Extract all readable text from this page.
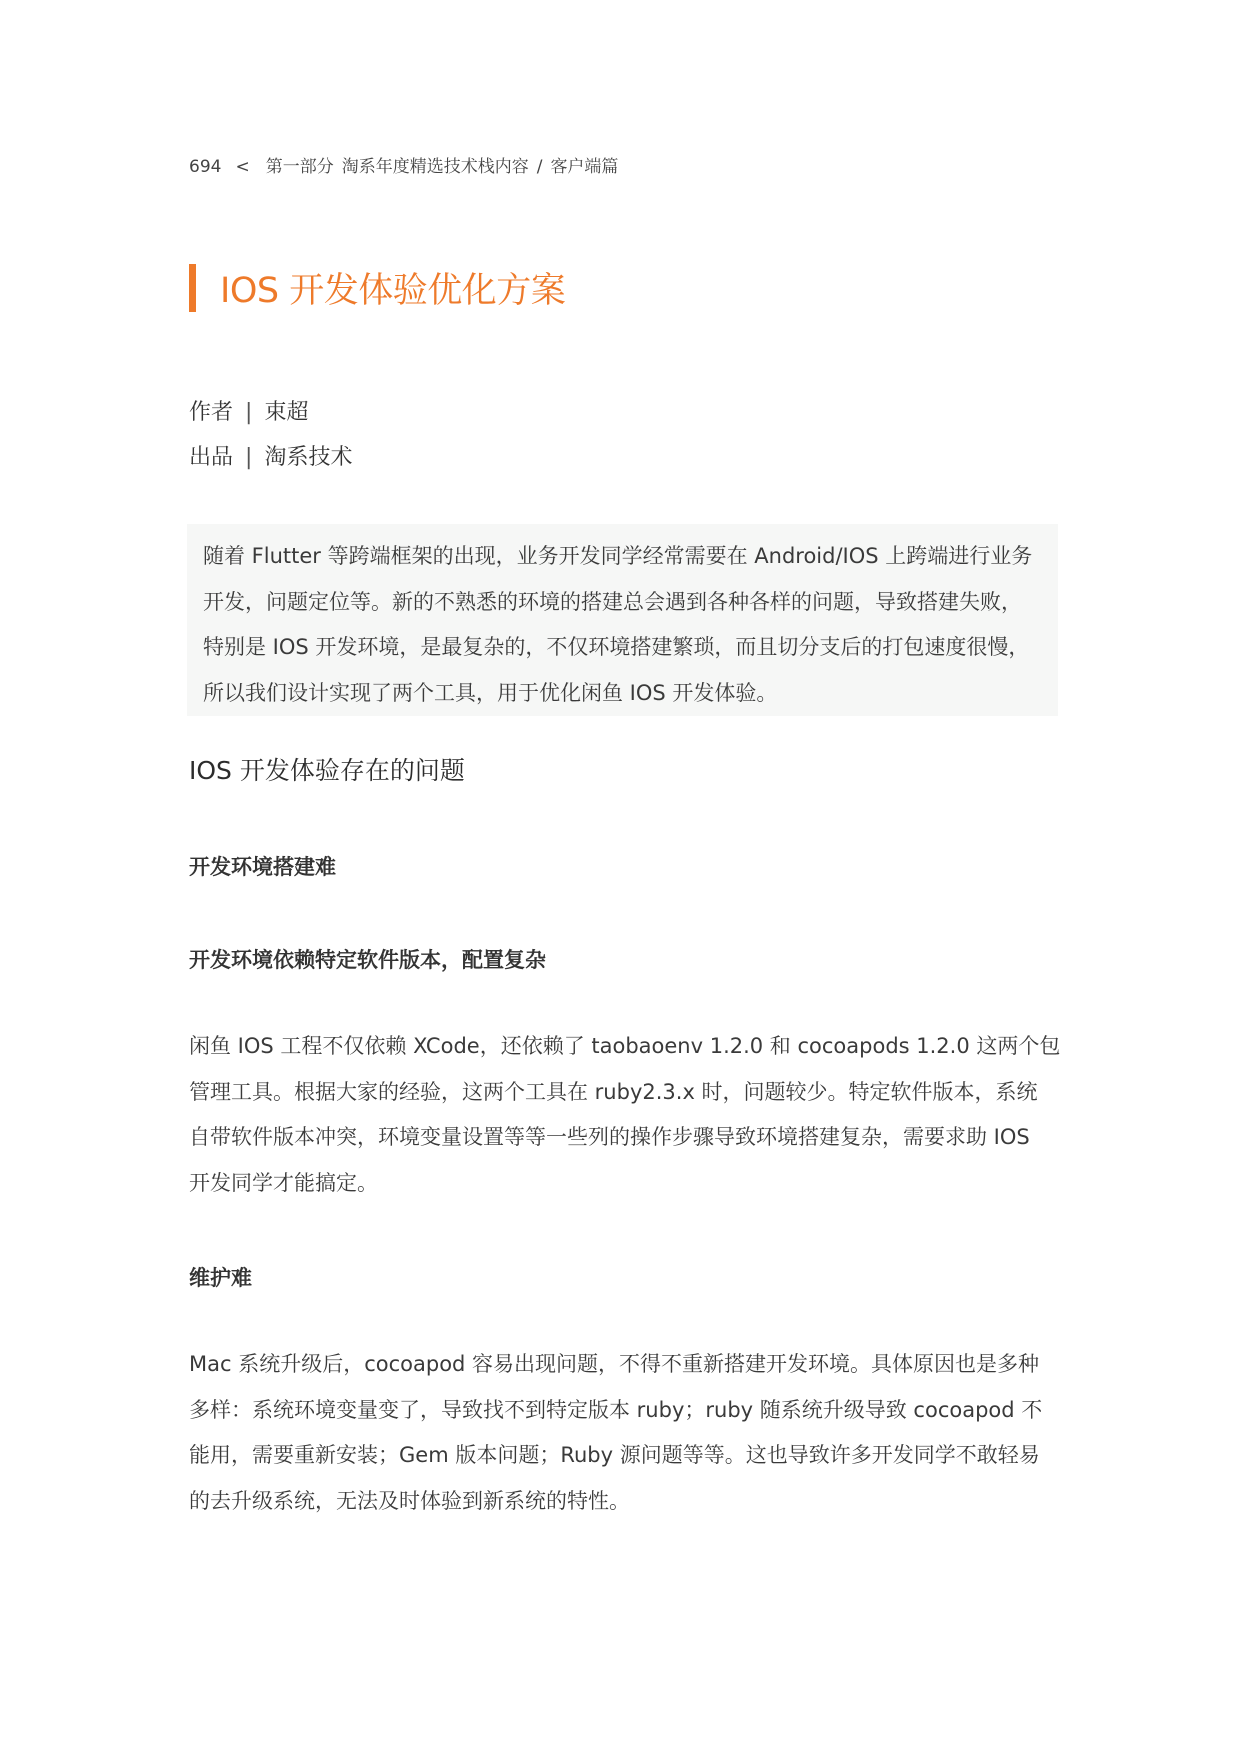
694 < 第一部分 淘系年度精选技术栈内容 / 客户端篇
IOS 开发体验优化方案
作者 | 束超
出品 | 淘系技术

随着 Flutter 等跨端框架的出现，业务开发同学经常需要在 Android/IOS 上跨端进行业务

开发，问题定位等。新的不熟悉的环境的搭建总会遇到各种各样的问题，导致搭建失败，

特别是 IOS 开发环境，是最复杂的，不仅环境搭建繁琐，而且切分支后的打包速度很慢，

所以我们设计实现了两个工具，用于优化闲鱼 IOS 开发体验。

IOS 开发体验存在的问题
开发环境搭建难
开发环境依赖特定软件版本，配置复杂

闲鱼 IOS 工程不仅依赖 XCode，还依赖了 taobaoenv 1.2.0 和 cocoapods 1.2.0 这两个包

管理工具。根据大家的经验，这两个工具在 ruby2.3.x 时，问题较少。特定软件版本，系统

自带软件版本冲突，环境变量设置等等一些列的操作步骤导致环境搭建复杂，需要求助 IOS

开发同学才能搞定。

维护难

Mac 系统升级后，cocoapod 容易出现问题，不得不重新搭建开发环境。具体原因也是多种

多样：系统环境变量变了，导致找不到特定版本 ruby；ruby 随系统升级导致 cocoapod 不

能用，需要重新安装；Gem 版本问题；Ruby 源问题等等。这也导致许多开发同学不敢轻易

的去升级系统，无法及时体验到新系统的特性。
